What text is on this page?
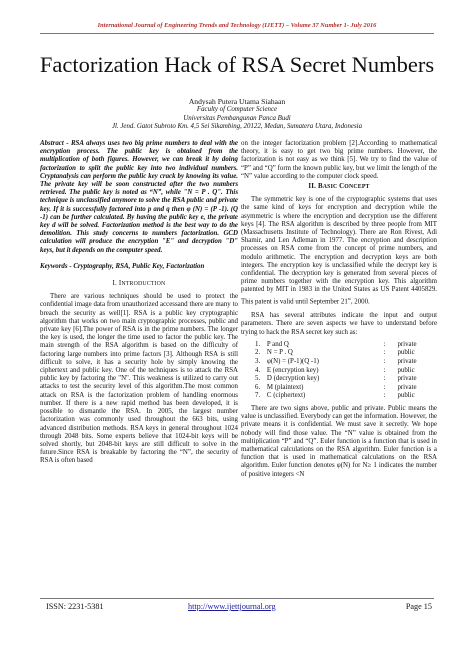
International Journal of Engineering Trends and Technology (IJETT) – Volume 37 Number 1- July 2016
Factorization Hack of RSA Secret Numbers
Andysah Putera Utama Siahaan
Faculty of Computer Science
Universitas Pembangunan Panca Budi
Jl. Jend. Gatot Subroto Km. 4,5 Sei Sikambing, 20122, Medan, Sumatera Utara, Indonesia

Abstract - RSA always uses two big prime numbers to deal with the encryption process. The public key is obtained from the multiplication of both figures. However, we can break it by doing factorization to split the public key into two individual numbers. Cryptanalysis can perform the public key crack by knowing its value. The private key will be soon constructed after the two numbers retrieved. The public key is noted as “N”, while "N = P . Q". This technique is unclassified anymore to solve the RSA public and private key. If it is successfully factored into p and q then φ (N) = (P -1). (Q -1) can be further calculated. By having the public key e, the private key d will be solved. Factorization method is the best way to do the demolition. This study concerns to numbers factorization. GCD calculation will produce the encryption "E" and decryption "D" keys, but it depends on the computer speed.

Keywords - Cryptography, RSA, Public Key, Factorization

I. INTRODUCTION

There are various techniques should be used to protect the confidential image data from unauthorized accessand there are many to breach the security as well[1]. RSA is a public key cryptographic algorithm that works on two main cryptographic processes, public and private key [6].The power of RSA is in the prime numbers. The longer the key is used, the longer the time used to factor the public key. The main strength of the RSA algorithm is based on the difficulty of factoring large numbers into prime factors [3]. Although RSA is still difficult to solve, it has a security hole by simply knowing the ciphertext and public key. One of the techniques is to attack the RSA public key by factoring the "N". This weakness is utilized to carry out attacks to test the security level of this algorithm.The most common attack on RSA is the factorization problem of handling enormous number. If there is a new rapid method has been developed, it is possible to dismantle the RSA. In 2005, the largest number factorization was commonly used throughout the 663 bits, using advanced distribution methods. RSA keys in general throughout 1024 through 2048 bits. Some experts believe that 1024-bit keys will be solved shortly, but 2048-bit keys are still difficult to solve in the future.Since RSA is breakable by factoring the “N”, the security of RSA is often based

on the integer factorization problem [2].According to mathematical theory, it is easy to get two big prime numbers. However, the factorization is not easy as we think [5]. We try to find the value of “P” and “Q” form the known public key, but we limit the length of the “N” value according to the computer clock speed.

II. BASIC CONCEPT

The symmetric key is one of the cryptographic systems that uses the same kind of keys for encryption and decryption while the asymmetric is where the encryption and decryption use the different keys [4]. The RSA algorithm is described by three people from MIT (Massachusetts Institute of Technology). There are Ron Rivest, Adi Shamir, and Len Adleman in 1977. The encryption and description processes on RSA come from the concept of prime numbers, and modulo arithmetic. The encryption and decryption keys are both integers. The encryption key is unclassified while the decrypt key is confidential. The decryption key is generated from several pieces of prime numbers together with the encryption key. This algorithm patented by MIT in 1983 in the United States as US Patent 4405829. This patent is valid until September 21st, 2000.

RSA has several attributes indicate the input and output parameters. There are seven aspects we have to understand before trying to hack the RSA secret key such as:

1. P and Q	:	private
2. N = P . Q	:	public
3. φ(N) = (P-1)(Q -1)	:	private
4. E (encryption key)	:	public
5. D (decryption key)	:	private
6. M (plaintext)	:	private
7. C (ciphertext)	:	public

There are two signs above, public and private. Public means the value is unclassified. Everybody can get the information. However, the private means it is confidential. We must save it secretly. We hope nobody will find those value. The “N” value is obtained from the multiplication “P” and “Q”. Euler function is a function that is used in mathematical calculations on the RSA algorithm. Euler function is a function that is used in mathematical calculations on the RSA algorithm. Euler function denotes φ(N) for N≥ 1 indicates the number of positive integers <N

ISSN: 2231-5381	http://www.ijettjournal.org	Page 15
